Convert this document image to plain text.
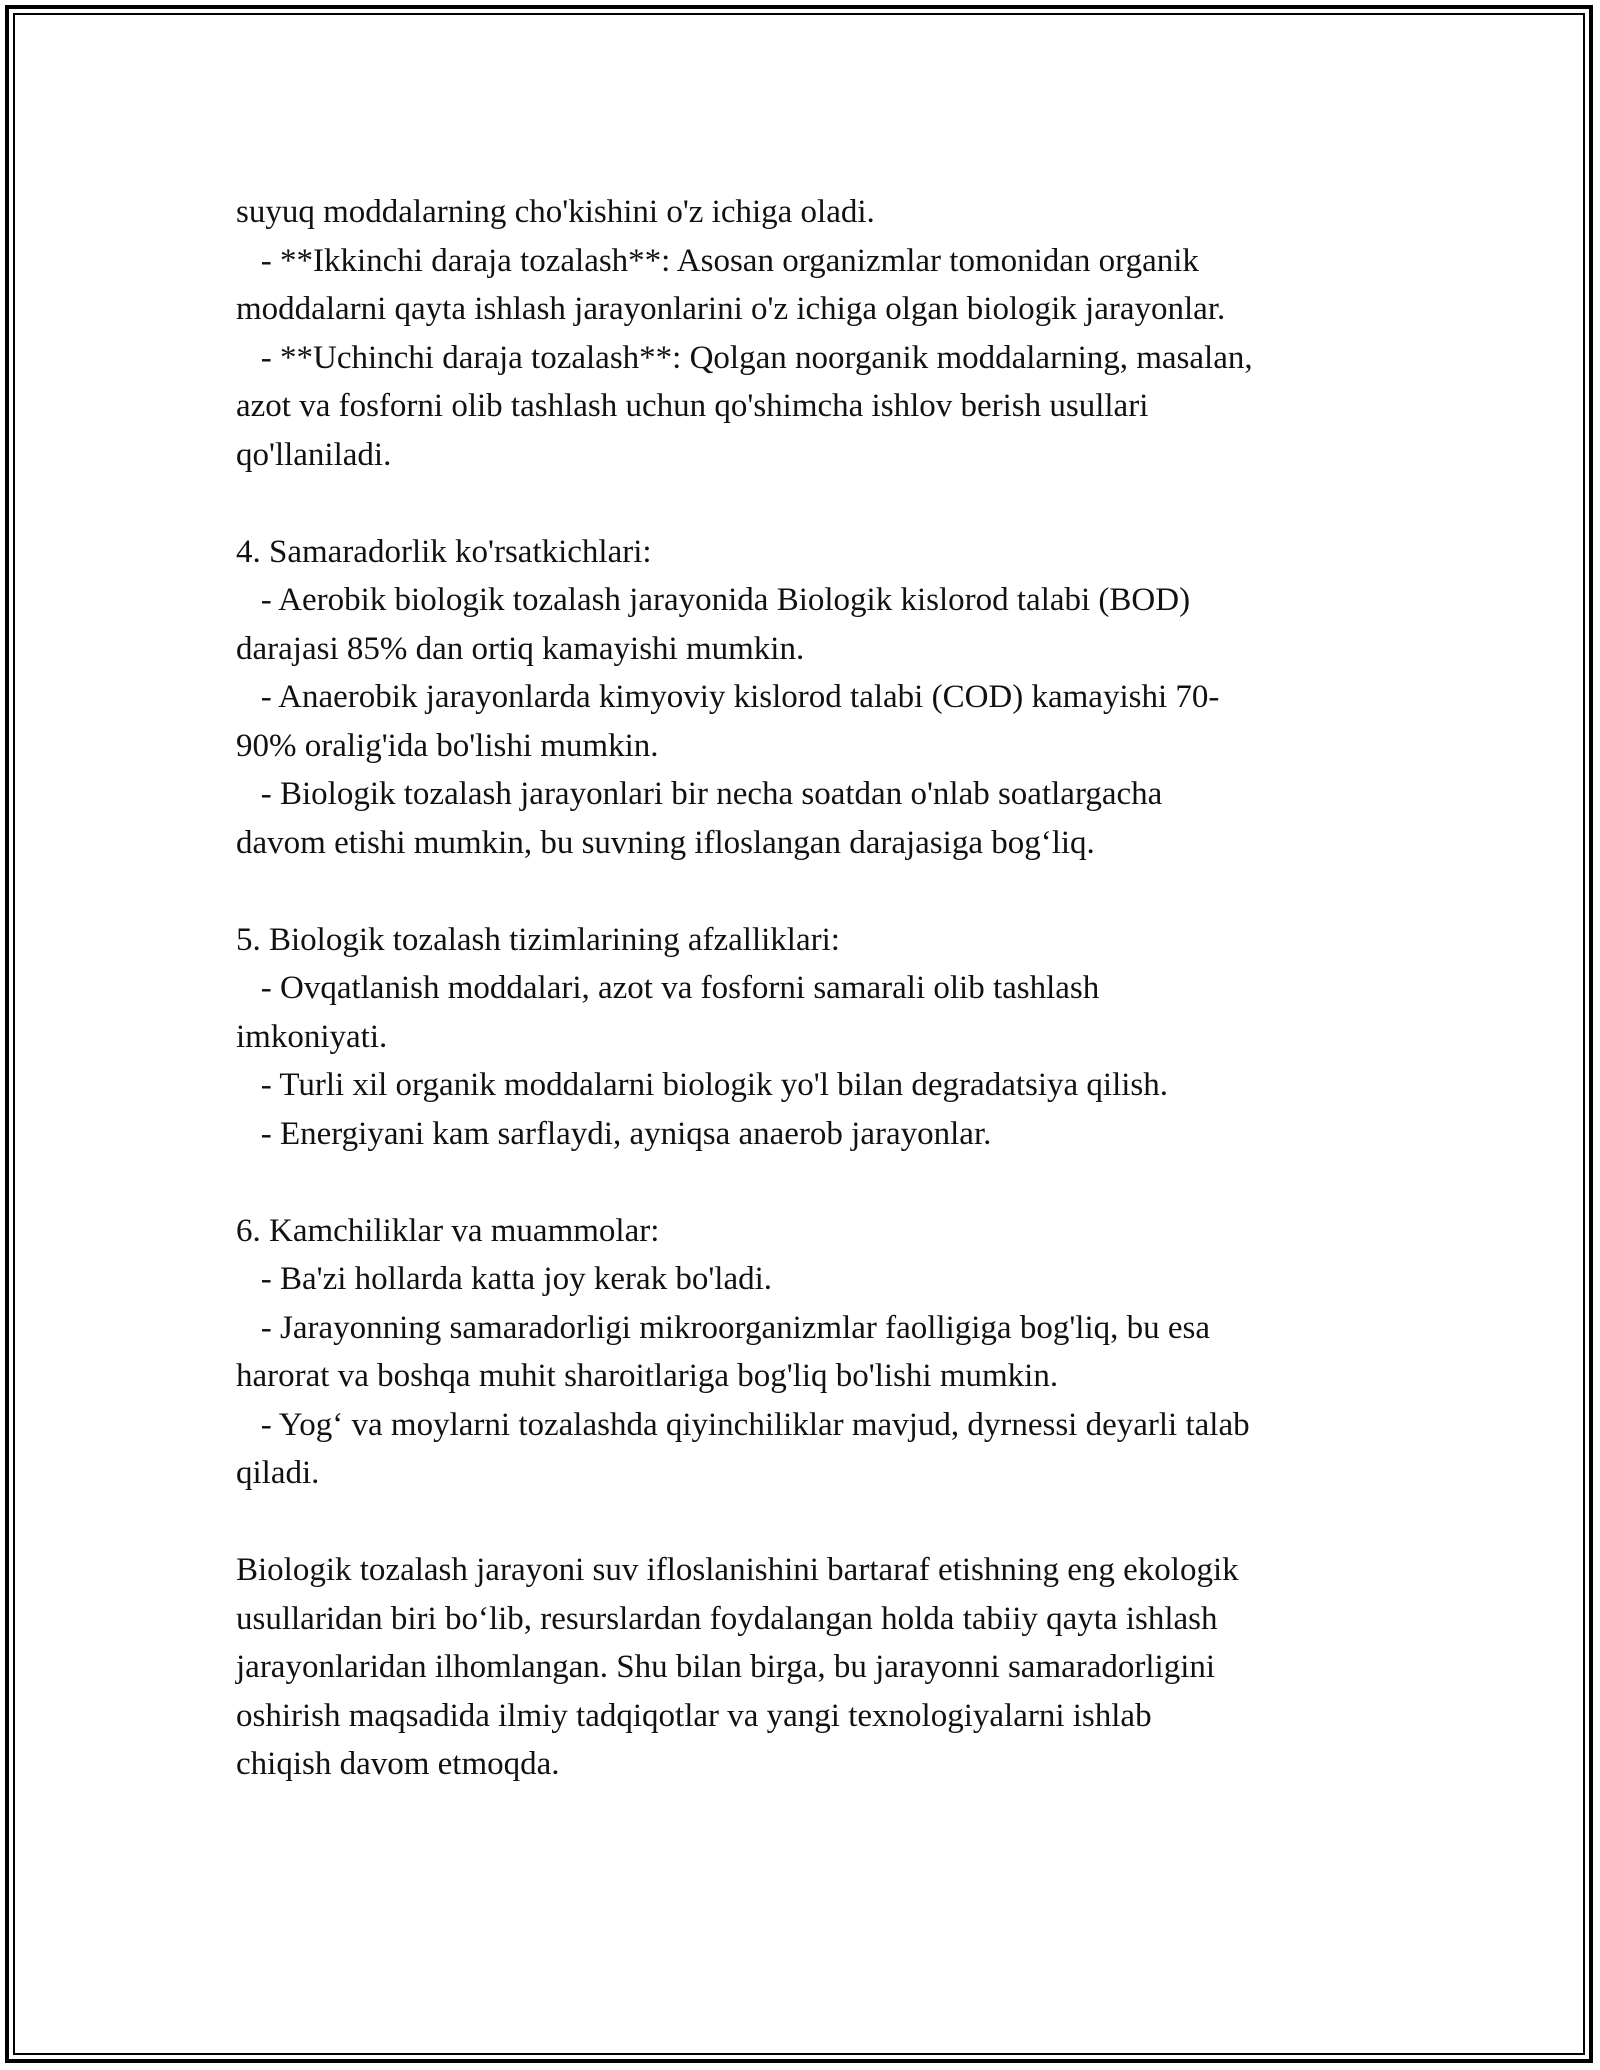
suyuq moddalarning cho'kishini o'z ichiga oladi.
- **Ikkinchi daraja tozalash**: Asosan organizmlar tomonidan organik
moddalarni qayta ishlash jarayonlarini o'z ichiga olgan biologik jarayonlar.
- **Uchinchi daraja tozalash**: Qolgan noorganik moddalarning, masalan,
azot va fosforni olib tashlash uchun qo'shimcha ishlov berish usullari
qo'llaniladi.
4. Samaradorlik ko'rsatkichlari:
- Aerobik biologik tozalash jarayonida Biologik kislorod talabi (BOD)
darajasi 85% dan ortiq kamayishi mumkin.
- Anaerobik jarayonlarda kimyoviy kislorod talabi (COD) kamayishi 70-
90% oralig'ida bo'lishi mumkin.
- Biologik tozalash jarayonlari bir necha soatdan o'nlab soatlargacha
davom etishi mumkin, bu suvning ifloslangan darajasiga bog‘liq.
5. Biologik tozalash tizimlarining afzalliklari:
- Ovqatlanish moddalari, azot va fosforni samarali olib tashlash
imkoniyati.
- Turli xil organik moddalarni biologik yo'l bilan degradatsiya qilish.
- Energiyani kam sarflaydi, ayniqsa anaerob jarayonlar.
6. Kamchiliklar va muammolar:
- Ba'zi hollarda katta joy kerak bo'ladi.
- Jarayonning samaradorligi mikroorganizmlar faolligiga bog'liq, bu esa
harorat va boshqa muhit sharoitlariga bog'liq bo'lishi mumkin.
- Yog‘ va moylarni tozalashda qiyinchiliklar mavjud, dyrnessi deyarli talab
qiladi.
Biologik tozalash jarayoni suv ifloslanishini bartaraf etishning eng ekologik
usullaridan biri bo‘lib, resurslardan foydalangan holda tabiiy qayta ishlash
jarayonlaridan ilhomlangan. Shu bilan birga, bu jarayonni samaradorligini
oshirish maqsadida ilmiy tadqiqotlar va yangi texnologiyalarni ishlab
chiqish davom etmoqda.
